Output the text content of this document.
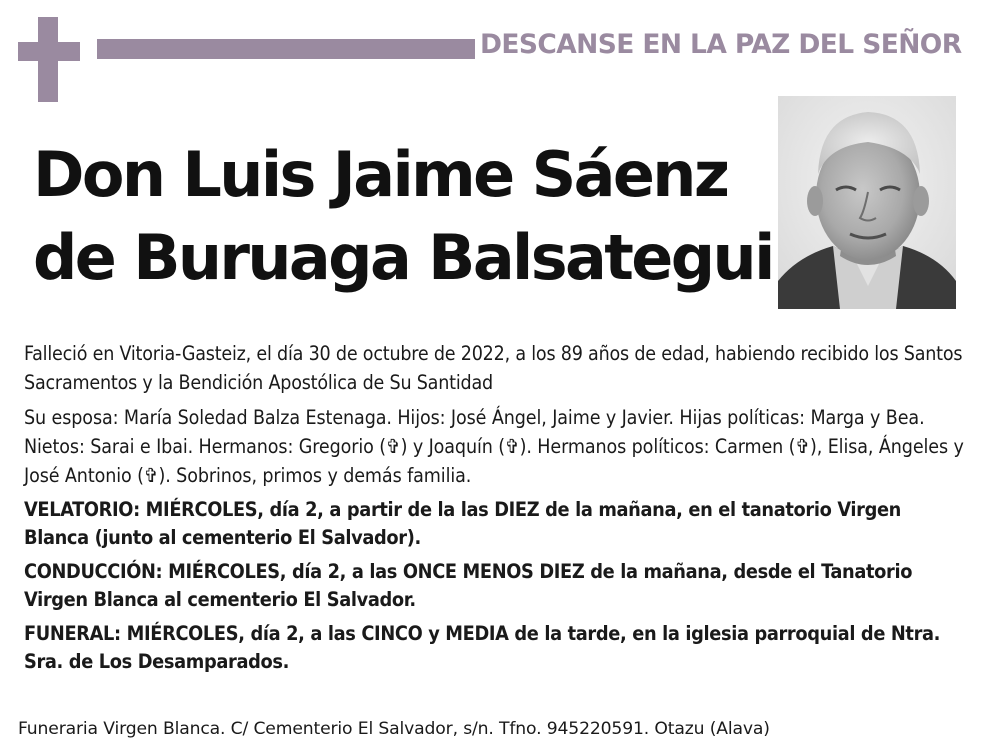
DESCANSE EN LA PAZ DEL SEÑOR
Don Luis Jaime Sáenz
de Buruaga Balsategui

Falleció en Vitoria-Gasteiz, el día 30 de octubre de 2022, a los 89 años de edad, habiendo recibido los Santos Sacramentos y la Bendición Apostólica de Su Santidad

Su esposa: María Soledad Balza Estenaga. Hijos: José Ángel, Jaime y Javier. Hijas políticas: Marga y Bea. Nietos: Sarai e Ibai. Hermanos: Gregorio (✞) y Joaquín (✞). Hermanos políticos: Carmen (✞), Elisa, Ángeles y José Antonio (✞). Sobrinos, primos y demás familia.

VELATORIO: MIÉRCOLES, día 2, a partir de la las DIEZ de la mañana, en el tanatorio Virgen Blanca (junto al cementerio El Salvador).

CONDUCCIÓN: MIÉRCOLES, día 2, a las ONCE MENOS DIEZ de la mañana, desde el Tanatorio Virgen Blanca al cementerio El Salvador.

FUNERAL: MIÉRCOLES, día 2, a las CINCO y MEDIA de la tarde, en la iglesia parroquial de Ntra. Sra. de Los Desamparados.

Funeraria Virgen Blanca. C/ Cementerio El Salvador, s/n. Tfno. 945220591. Otazu (Alava)
